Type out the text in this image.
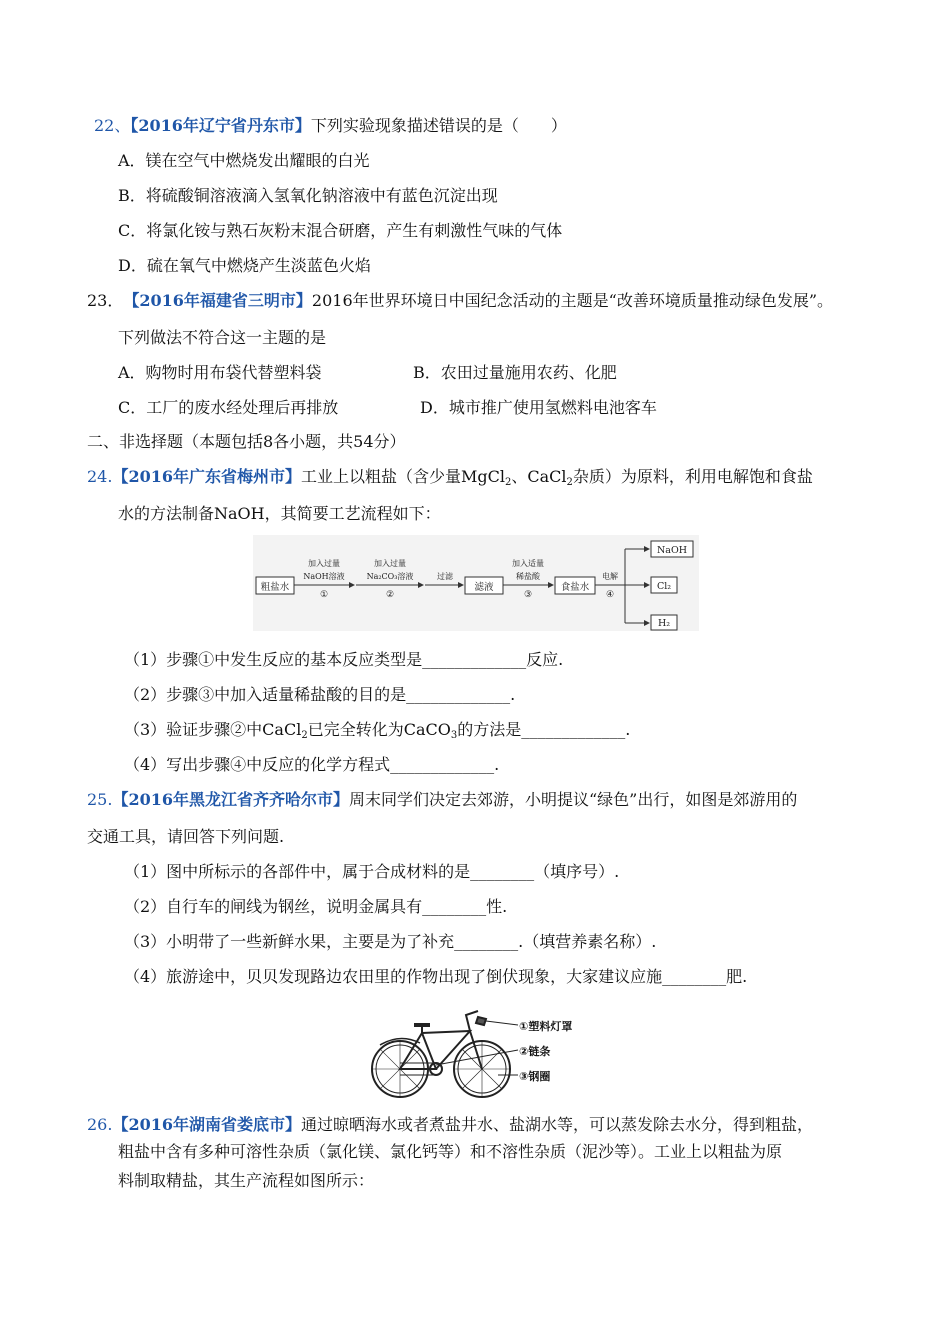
22、【2016年辽宁省丹东市】下列实验现象描述错误的是（　　）
A．镁在空气中燃烧发出耀眼的白光
B．将硫酸铜溶液滴入氢氧化钠溶液中有蓝色沉淀出现
C．将氯化铵与熟石灰粉末混合研磨，产生有刺激性气味的气体
D．硫在氧气中燃烧产生淡蓝色火焰
23． 【2016年福建省三明市】2016年世界环境日中国纪念活动的主题是“改善环境质量推动绿色发展”。
下列做法不符合这一主题的是
A．购物时用布袋代替塑料袋	B．农田过量施用农药、化肥
C．工厂的废水经处理后再排放	D．城市推广使用氢燃料电池客车
二、非选择题（本题包括8各小题，共54分）
24.【2016年广东省梅州市】工业上以粗盐（含少量MgCl$_2$、CaCl$_2$杂质）为原料，利用电解饱和食盐
水的方法制备NaOH，其简要工艺流程如下：
粗盐水
加入过量
NaOH溶液
①
加入过量
Na₂CO₃溶液
②
过滤
滤液
加入适量
稀盐酸
③
食盐水
电解
④
NaOH
Cl₂
H₂
（1）步骤①中发生反应的基本反应类型是_____________反应.
（2）步骤③中加入适量稀盐酸的目的是_____________.
（3）验证步骤②中CaCl$_2$已完全转化为CaCO$_3$的方法是_____________.
（4）写出步骤④中反应的化学方程式_____________.
25.【2016年黑龙江省齐齐哈尔市】周末同学们决定去郊游，小明提议“绿色”出行，如图是郊游用的
交通工具，请回答下列问题.
（1）图中所标示的各部件中，属于合成材料的是________（填序号）.
（2）自行车的闸线为钢丝，说明金属具有________性.
（3）小明带了一些新鲜水果，主要是为了补充________.（填营养素名称）.
（4）旅游途中，贝贝发现路边农田里的作物出现了倒伏现象，大家建议应施________肥.
①塑料灯罩
②链条
③钢圈
26.【2016年湖南省娄底市】通过晾晒海水或者煮盐井水、盐湖水等，可以蒸发除去水分，得到粗盐，
粗盐中含有多种可溶性杂质（氯化镁、氯化钙等）和不溶性杂质（泥沙等）。工业上以粗盐为原
料制取精盐，其生产流程如图所示：
